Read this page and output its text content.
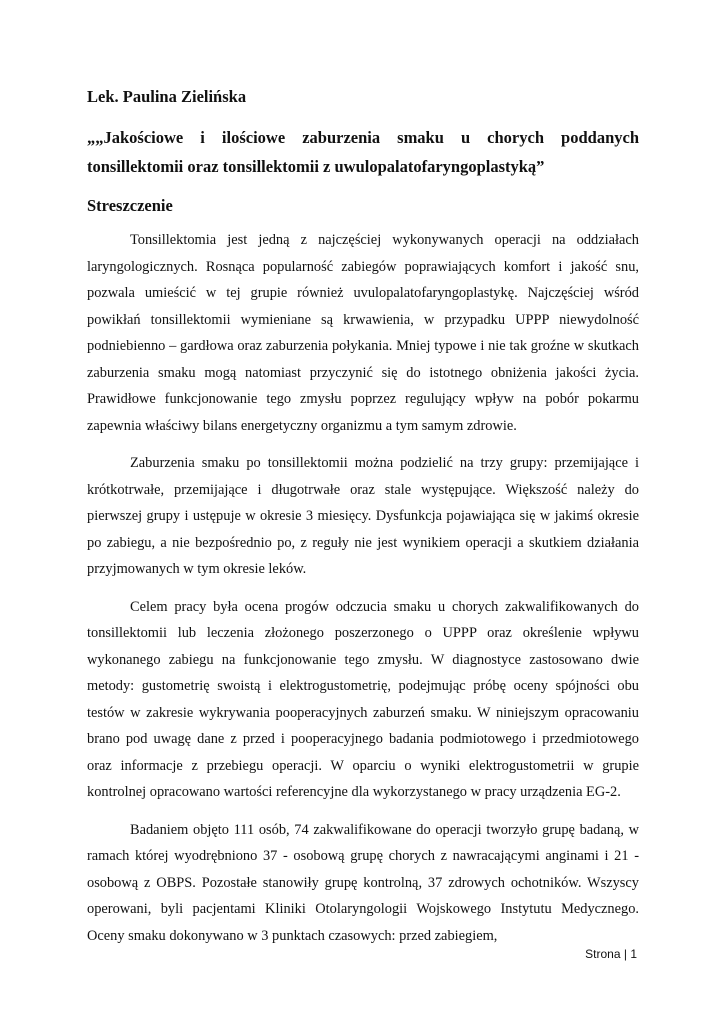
Lek. Paulina Zielińska
„„Jakościowe i ilościowe zaburzenia smaku u chorych poddanych tonsillektomii oraz tonsillektomii z uwulopalatofaryngoplastyką”
Streszczenie

Tonsillektomia jest jedną z najczęściej wykonywanych operacji na oddziałach laryngologicznych. Rosnąca popularność zabiegów poprawiających komfort i jakość snu, pozwala umieścić w tej grupie również uvulopalatofaryngoplastykę. Najczęściej wśród powikłań tonsillektomii wymieniane są krwawienia, w przypadku UPPP niewydolność podniebienno – gardłowa oraz zaburzenia połykania. Mniej typowe i nie tak groźne w skutkach zaburzenia smaku mogą natomiast przyczynić się do istotnego obniżenia jakości życia. Prawidłowe funkcjonowanie tego zmysłu poprzez regulujący wpływ na pobór pokarmu zapewnia właściwy bilans energetyczny organizmu a tym samym zdrowie.

Zaburzenia smaku po tonsillektomii można podzielić na trzy grupy: przemijające i krótkotrwałe, przemijające i długotrwałe oraz stale występujące. Większość należy do pierwszej grupy i ustępuje w okresie 3 miesięcy. Dysfunkcja pojawiająca się w jakimś okresie po zabiegu, a nie bezpośrednio po, z reguły nie jest wynikiem operacji a skutkiem działania przyjmowanych w tym okresie leków.

Celem pracy była ocena progów odczucia smaku u chorych zakwalifikowanych do tonsillektomii lub leczenia złożonego poszerzonego o UPPP oraz określenie wpływu wykonanego zabiegu na funkcjonowanie tego zmysłu. W diagnostyce zastosowano dwie metody: gustometrię swoistą i elektrogustometrię, podejmując próbę oceny spójności obu testów w zakresie wykrywania pooperacyjnych zaburzeń smaku. W niniejszym opracowaniu brano pod uwagę dane z przed i pooperacyjnego badania podmiotowego i przedmiotowego oraz informacje z przebiegu operacji. W oparciu o wyniki elektrogustometrii w grupie kontrolnej opracowano wartości referencyjne dla wykorzystanego w pracy urządzenia EG-2.

Badaniem objęto 111 osób, 74 zakwalifikowane do operacji tworzyło grupę badaną, w ramach której wyodrębniono 37 - osobową grupę chorych z nawracającymi anginami i 21 - osobową z OBPS. Pozostałe stanowiły grupę kontrolną, 37 zdrowych ochotników. Wszyscy operowani, byli pacjentami Kliniki Otolaryngologii Wojskowego Instytutu Medycznego. Oceny smaku dokonywano w 3 punktach czasowych: przed zabiegiem,

Strona | 1
